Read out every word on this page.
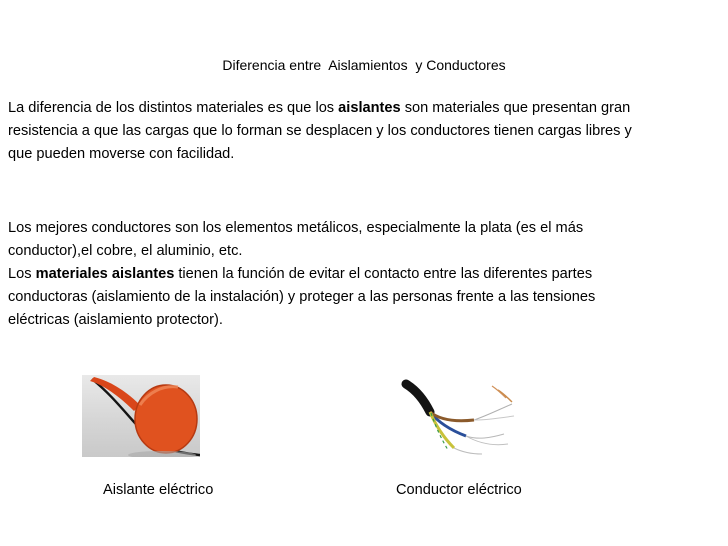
Diferencia entre  Aislamientos  y Conductores
La diferencia de los distintos materiales es que los aislantes son materiales que presentan gran
resistencia a que las cargas que lo forman se desplacen y los conductores tienen cargas libres y
que pueden moverse con facilidad.
Los mejores conductores son los elementos metálicos, especialmente la plata (es el más
conductor),el cobre, el aluminio, etc.
Los materiales aislantes tienen la función de evitar el contacto entre las diferentes partes
conductoras (aislamiento de la instalación) y proteger a las personas frente a las tensiones
eléctricas (aislamiento protector).
Aislante eléctrico	Conductor eléctrico
